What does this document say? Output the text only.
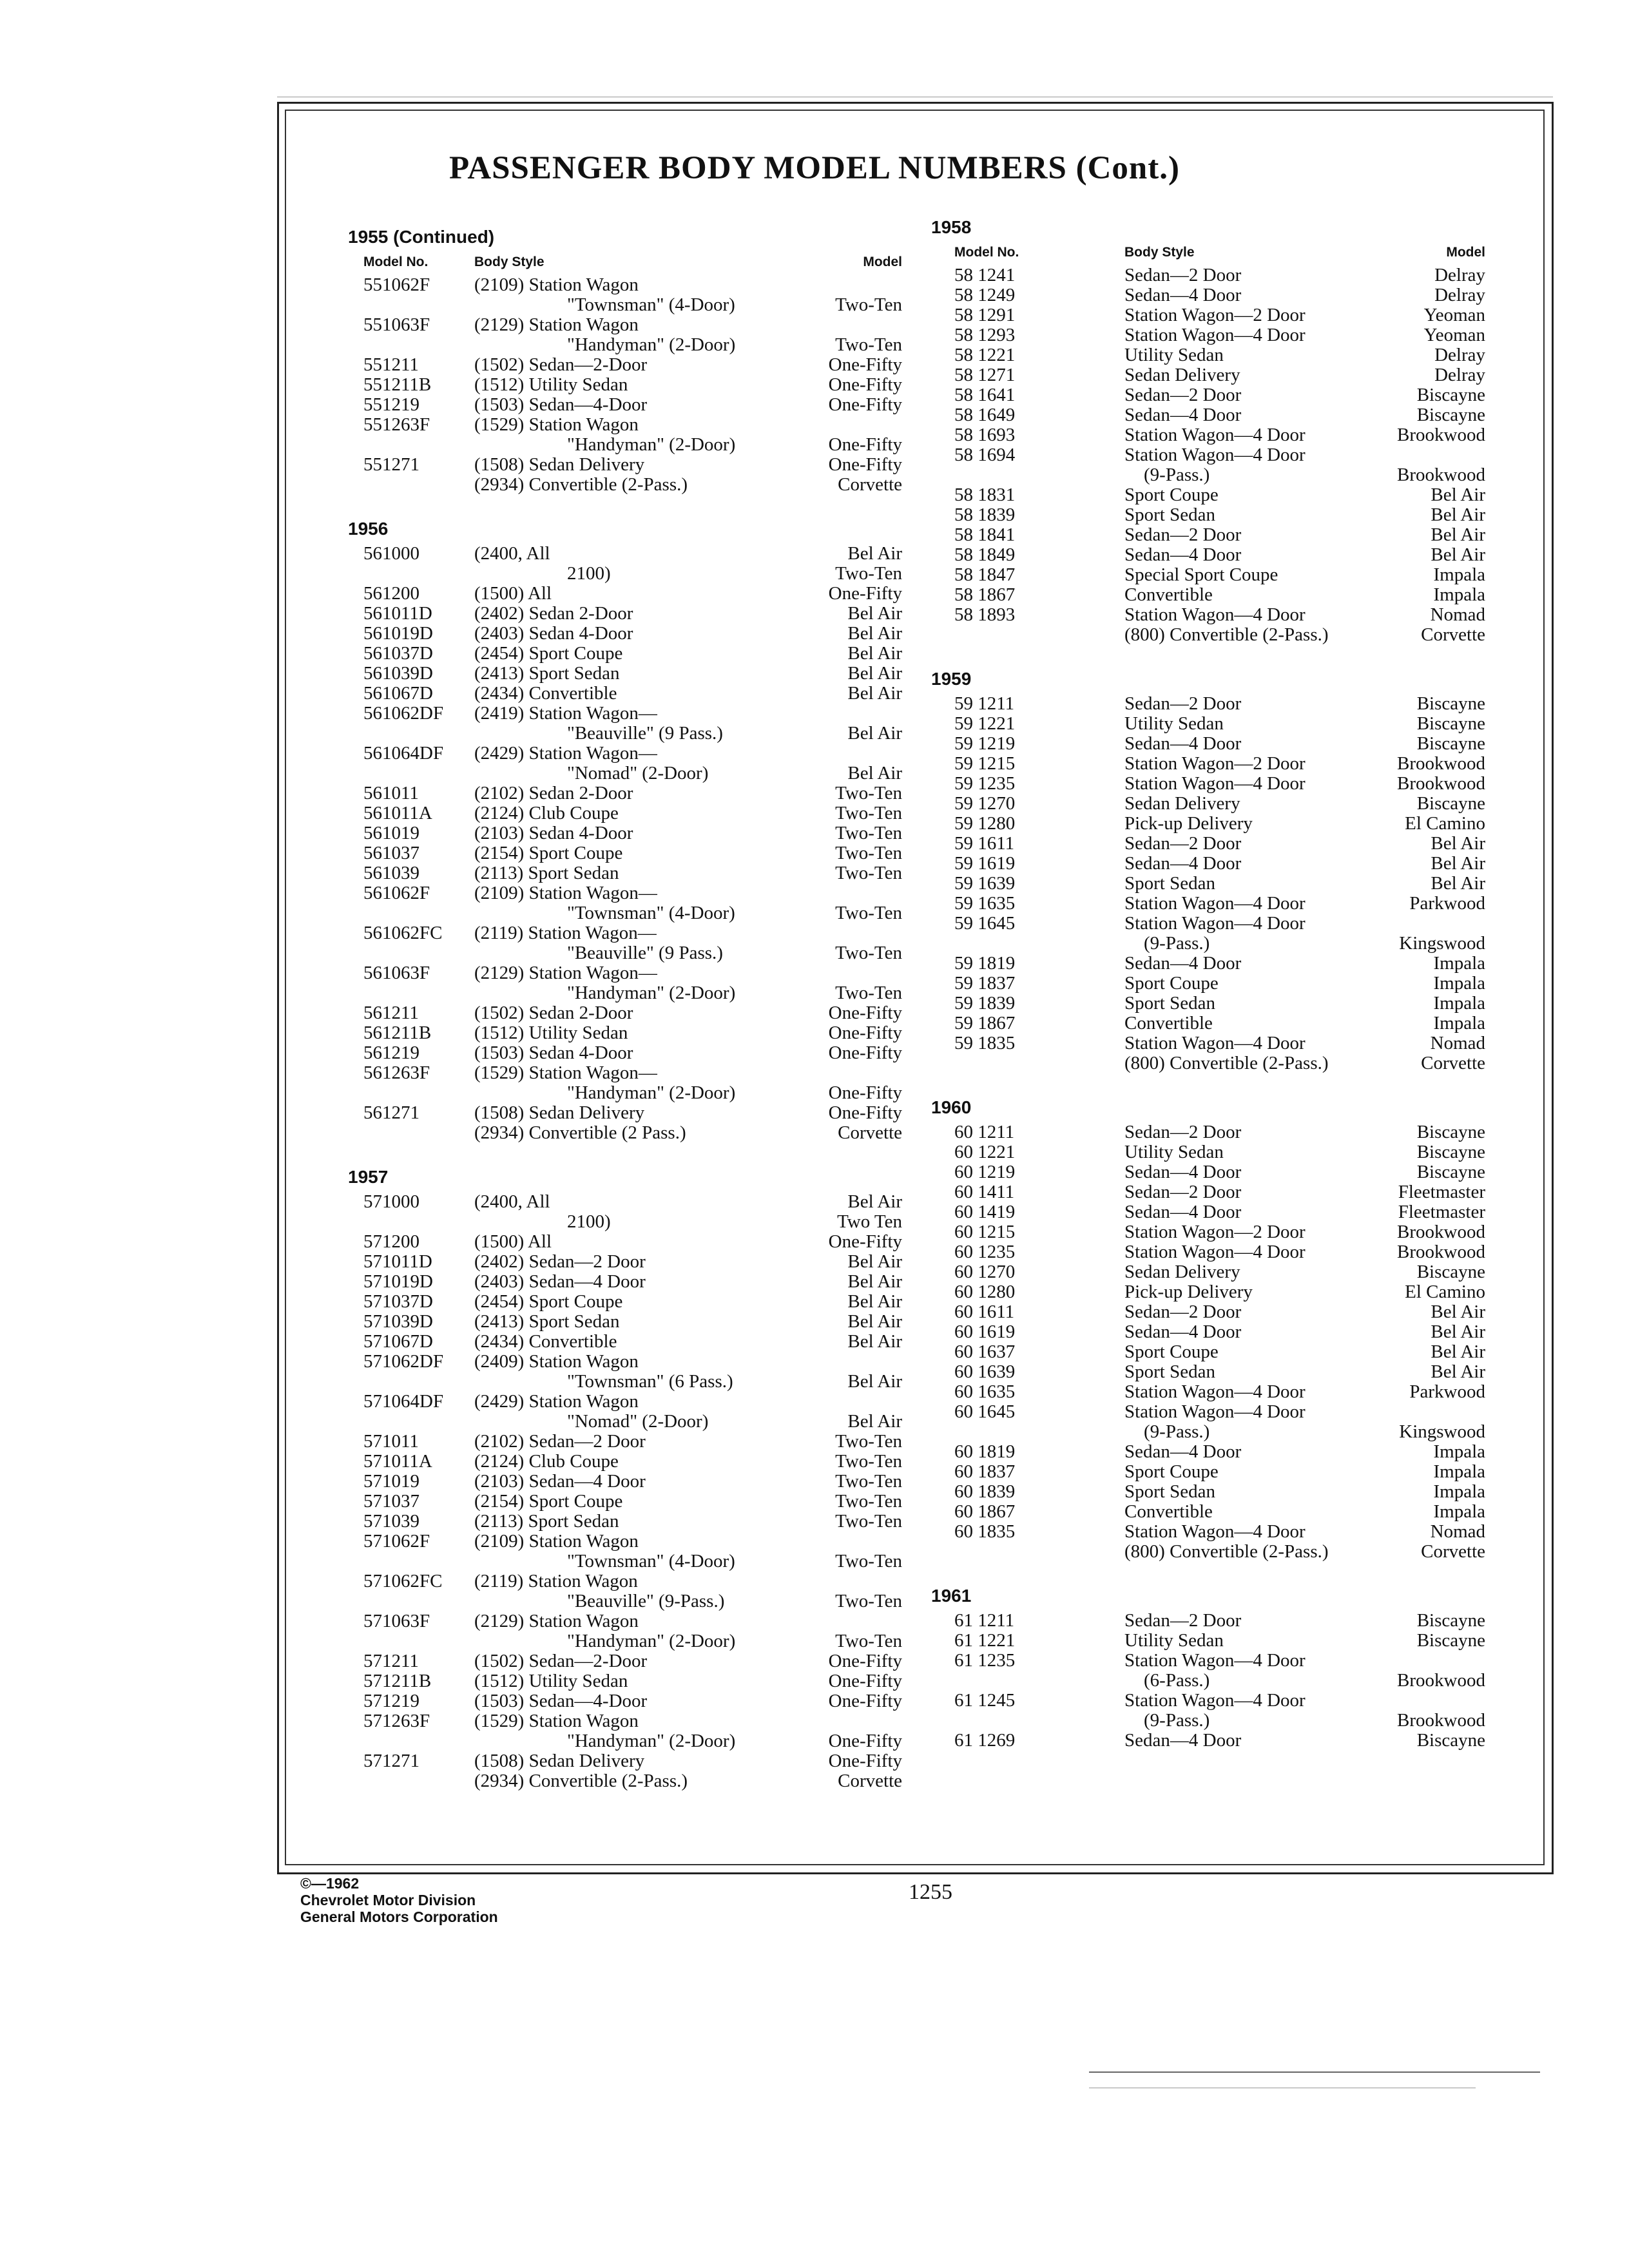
PASSENGER BODY MODEL NUMBERS (Cont.)
1955 (Continued)
Model No.	Body Style	Model
551062F (2109) Station Wagon
"Townsman" (4-Door)	Two-Ten
551063F (2129) Station Wagon
"Handyman" (2-Door)	Two-Ten
551211	(1502) Sedan—2-Door	One-Fifty
551211B (1512) Utility Sedan	One-Fifty
551219	(1503) Sedan—4-Door	One-Fifty
551263F (1529) Station Wagon
"Handyman" (2-Door)	One-Fifty
551271	(1508) Sedan Delivery	One-Fifty
(2934) Convertible (2-Pass.)	Corvette
1956
561000	(2400, All	Bel Air
2100)	Two-Ten
561200	(1500) All	One-Fifty
561011D (2402) Sedan 2-Door	Bel Air
561019D (2403) Sedan 4-Door	Bel Air
561037D (2454) Sport Coupe	Bel Air
561039D (2413) Sport Sedan	Bel Air
561067D (2434) Convertible	Bel Air
561062DF (2419) Station Wagon—
"Beauville" (9 Pass.)	Bel Air
561064DF (2429) Station Wagon—
"Nomad" (2-Door)	Bel Air
561011	(2102) Sedan 2-Door	Two-Ten
561011A (2124) Club Coupe	Two-Ten
561019	(2103) Sedan 4-Door	Two-Ten
561037	(2154) Sport Coupe	Two-Ten
561039	(2113) Sport Sedan	Two-Ten
561062F (2109) Station Wagon—
"Townsman" (4-Door)	Two-Ten
561062FC (2119) Station Wagon—
"Beauville" (9 Pass.)	Two-Ten
561063F (2129) Station Wagon—
"Handyman" (2-Door)	Two-Ten
561211	(1502) Sedan 2-Door	One-Fifty
561211B (1512) Utility Sedan	One-Fifty
561219	(1503) Sedan 4-Door	One-Fifty
561263F (1529) Station Wagon—
"Handyman" (2-Door)	One-Fifty
561271	(1508) Sedan Delivery	One-Fifty
(2934) Convertible (2 Pass.)	Corvette
1957
571000	(2400, All	Bel Air
2100)	Two Ten
571200	(1500) All	One-Fifty
571011D (2402) Sedan—2 Door	Bel Air
571019D (2403) Sedan—4 Door	Bel Air
571037D (2454) Sport Coupe	Bel Air
571039D (2413) Sport Sedan	Bel Air
571067D (2434) Convertible	Bel Air
571062DF (2409) Station Wagon
"Townsman" (6 Pass.)	Bel Air
571064DF (2429) Station Wagon
"Nomad" (2-Door)	Bel Air
571011	(2102) Sedan—2 Door	Two-Ten
571011A (2124) Club Coupe	Two-Ten
571019	(2103) Sedan—4 Door	Two-Ten
571037	(2154) Sport Coupe	Two-Ten
571039	(2113) Sport Sedan	Two-Ten
571062F (2109) Station Wagon
"Townsman" (4-Door)	Two-Ten
571062FC (2119) Station Wagon
"Beauville" (9-Pass.)	Two-Ten
571063F (2129) Station Wagon
"Handyman" (2-Door)	Two-Ten
571211	(1502) Sedan—2-Door	One-Fifty
571211B (1512) Utility Sedan	One-Fifty
571219	(1503) Sedan—4-Door	One-Fifty
571263F (1529) Station Wagon
"Handyman" (2-Door)	One-Fifty
571271	(1508) Sedan Delivery	One-Fifty
(2934) Convertible (2-Pass.)	Corvette
1958
Model No.	Body Style	Model
58 1241	Sedan—2 Door	Delray
58 1249	Sedan—4 Door	Delray
58 1291	Station Wagon—2 Door	Yeoman
58 1293	Station Wagon—4 Door	Yeoman
58 1221	Utility Sedan	Delray
58 1271	Sedan Delivery	Delray
58 1641	Sedan—2 Door	Biscayne
58 1649	Sedan—4 Door	Biscayne
58 1693	Station Wagon—4 Door	Brookwood
58 1694	Station Wagon—4 Door
(9-Pass.)	Brookwood
58 1831	Sport Coupe	Bel Air
58 1839	Sport Sedan	Bel Air
58 1841	Sedan—2 Door	Bel Air
58 1849	Sedan—4 Door	Bel Air
58 1847	Special Sport Coupe	Impala
58 1867	Convertible	Impala
58 1893	Station Wagon—4 Door	Nomad
(800) Convertible (2-Pass.)	Corvette
1959
59 1211	Sedan—2 Door	Biscayne
59 1221	Utility Sedan	Biscayne
59 1219	Sedan—4 Door	Biscayne
59 1215	Station Wagon—2 Door	Brookwood
59 1235	Station Wagon—4 Door	Brookwood
59 1270	Sedan Delivery	Biscayne
59 1280	Pick-up Delivery	El Camino
59 1611	Sedan—2 Door	Bel Air
59 1619	Sedan—4 Door	Bel Air
59 1639	Sport Sedan	Bel Air
59 1635	Station Wagon—4 Door	Parkwood
59 1645	Station Wagon—4 Door
(9-Pass.)	Kingswood
59 1819	Sedan—4 Door	Impala
59 1837	Sport Coupe	Impala
59 1839	Sport Sedan	Impala
59 1867	Convertible	Impala
59 1835	Station Wagon—4 Door	Nomad
(800) Convertible (2-Pass.)	Corvette
1960
60 1211	Sedan—2 Door	Biscayne
60 1221	Utility Sedan	Biscayne
60 1219	Sedan—4 Door	Biscayne
60 1411	Sedan—2 Door	Fleetmaster
60 1419	Sedan—4 Door	Fleetmaster
60 1215	Station Wagon—2 Door	Brookwood
60 1235	Station Wagon—4 Door	Brookwood
60 1270	Sedan Delivery	Biscayne
60 1280	Pick-up Delivery	El Camino
60 1611	Sedan—2 Door	Bel Air
60 1619	Sedan—4 Door	Bel Air
60 1637	Sport Coupe	Bel Air
60 1639	Sport Sedan	Bel Air
60 1635	Station Wagon—4 Door	Parkwood
60 1645	Station Wagon—4 Door
(9-Pass.)	Kingswood
60 1819	Sedan—4 Door	Impala
60 1837	Sport Coupe	Impala
60 1839	Sport Sedan	Impala
60 1867	Convertible	Impala
60 1835	Station Wagon—4 Door	Nomad
(800) Convertible (2-Pass.)	Corvette
1961
61 1211	Sedan—2 Door	Biscayne
61 1221	Utility Sedan	Biscayne
61 1235	Station Wagon—4 Door
(6-Pass.)	Brookwood
61 1245	Station Wagon—4 Door
(9-Pass.)	Brookwood
61 1269	Sedan—4 Door	Biscayne
©—1962
Chevrolet Motor Division
General Motors Corporation
1255
